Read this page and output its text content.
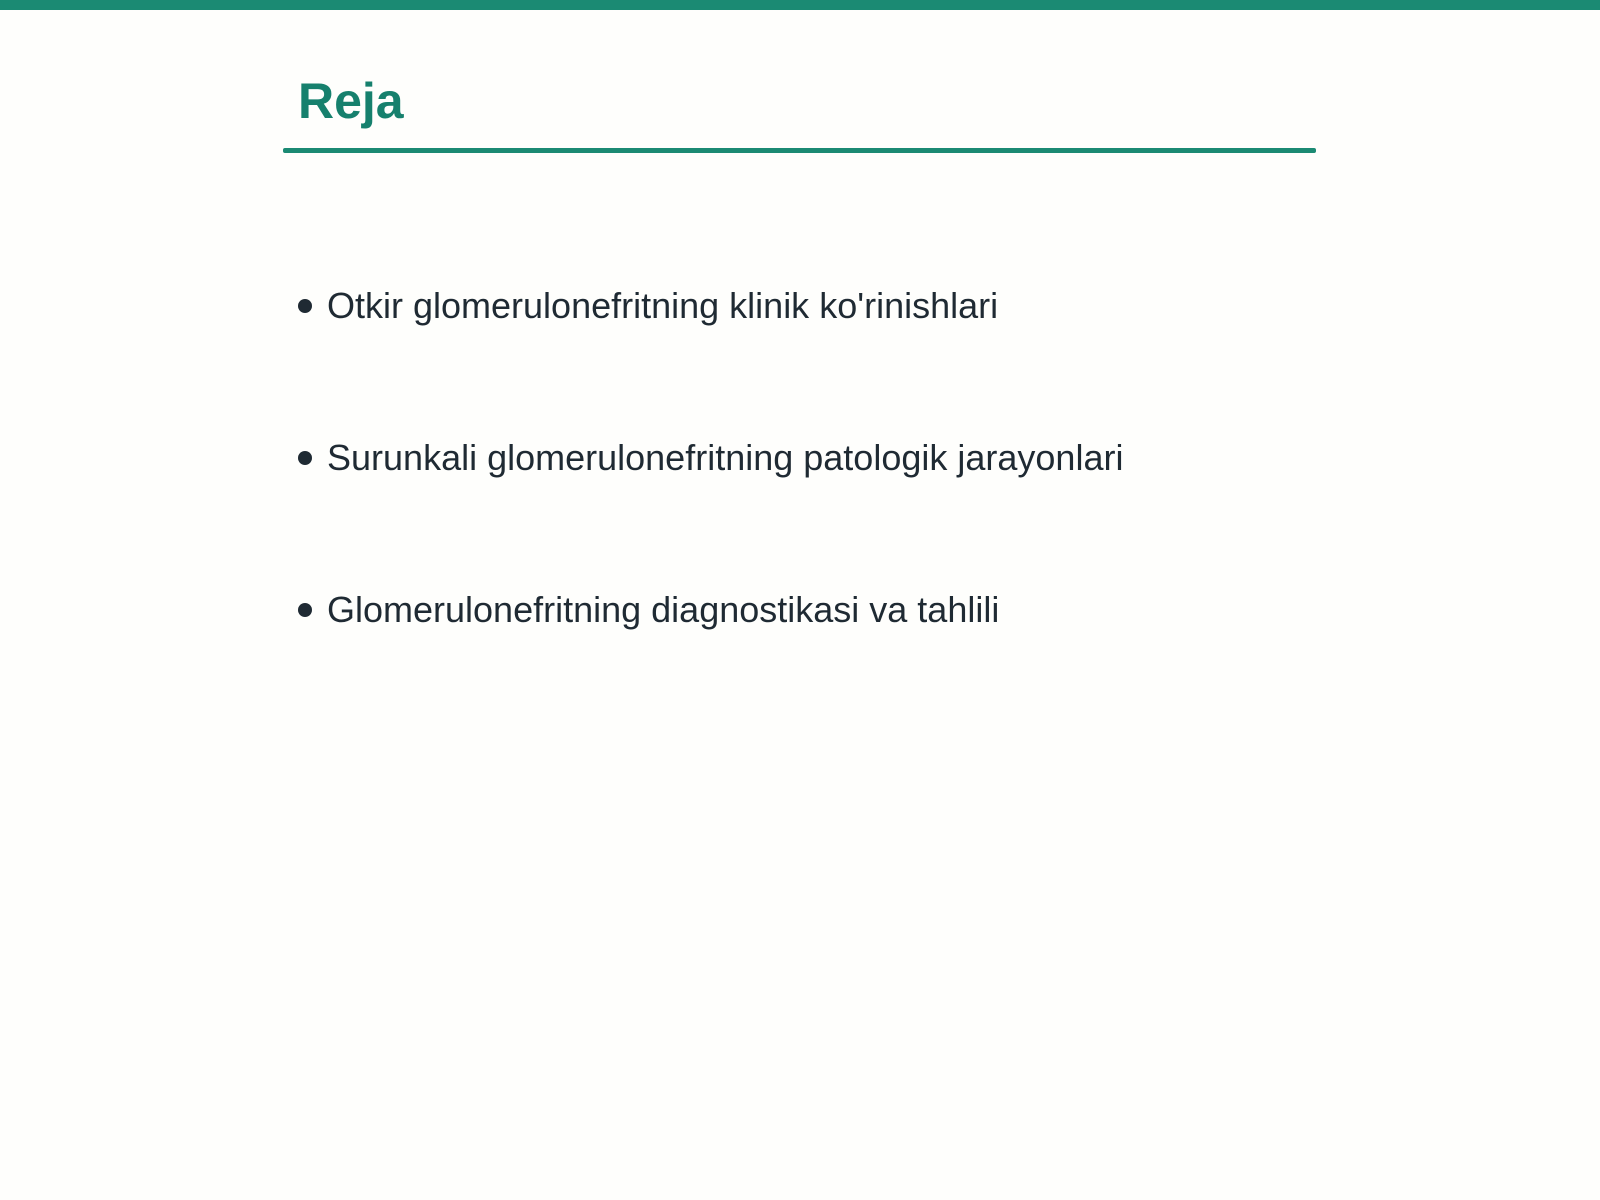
Reja
Otkir glomerulonefritning klinik ko'rinishlari
Surunkali glomerulonefritning patologik jarayonlari
Glomerulonefritning diagnostikasi va tahlili
